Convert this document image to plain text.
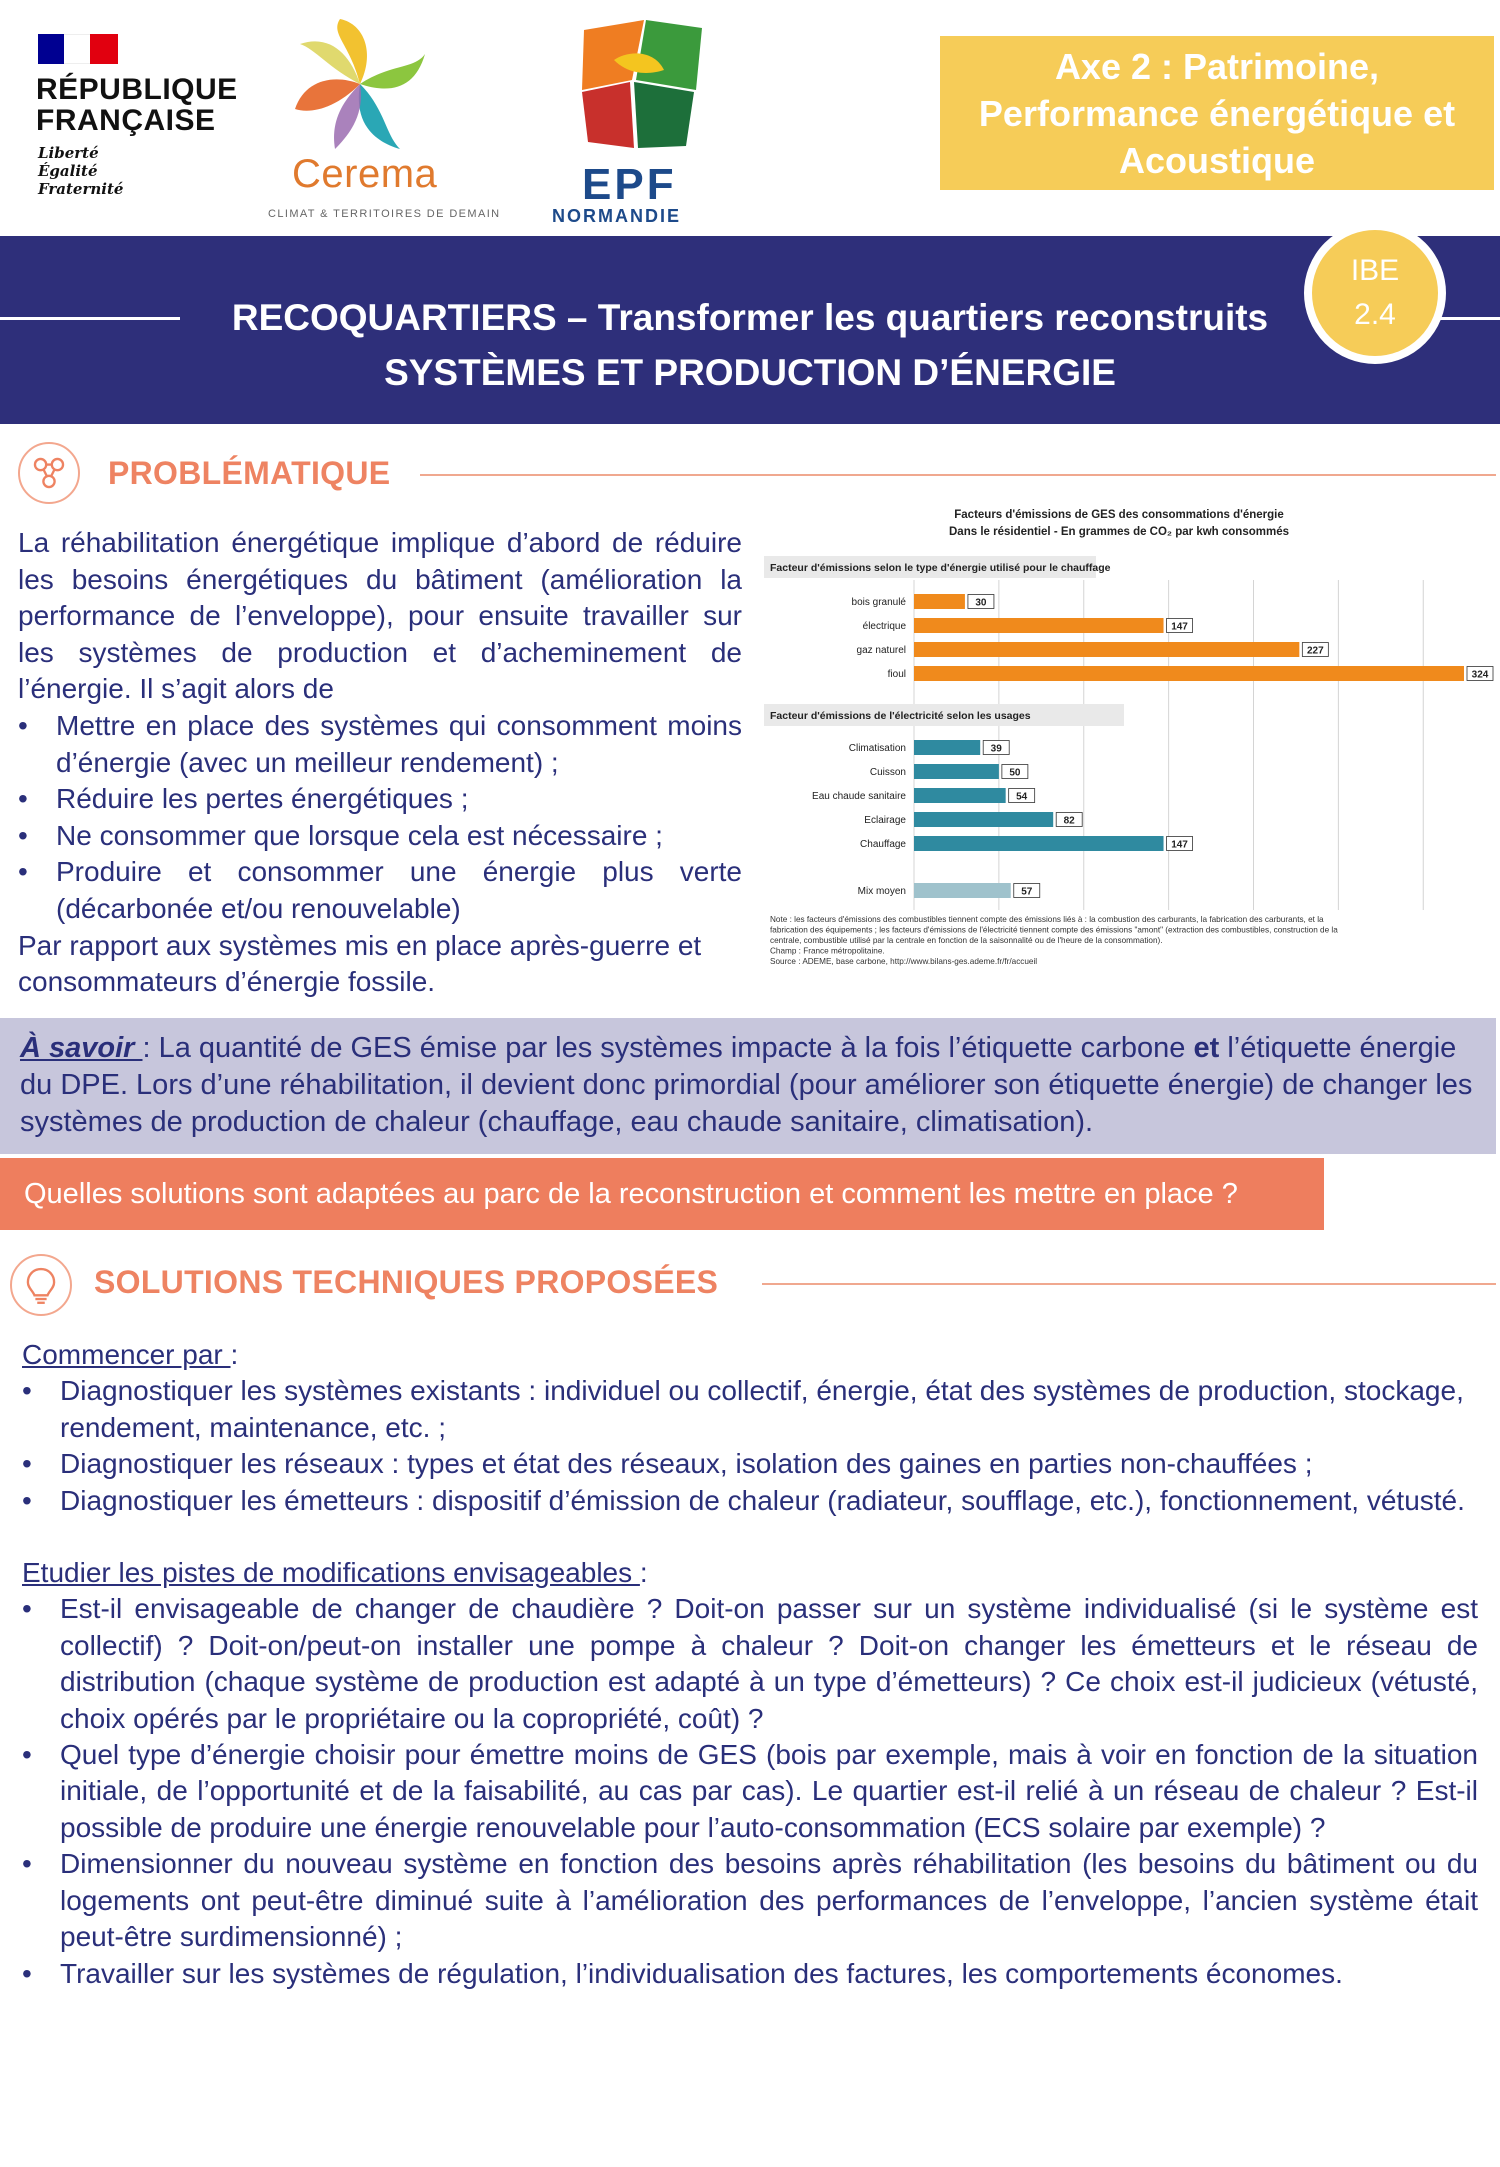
RÉPUBLIQUE
FRANÇAISE
Liberté
Égalité
Fraternité	Cerema
CLIMAT & TERRITOIRES DE DEMAIN
EPF
NORMANDIE
Axe 2 : Patrimoine,
Performance énergétique et
Acoustique
RECOQUARTIERS – Transformer les quartiers reconstruits
SYSTÈMES ET PRODUCTION D’ÉNERGIE
IBE
2.4
PROBLÉMATIQUE

La réhabilitation énergétique implique d’abord de réduire les besoins énergétiques du bâtiment (amélioration la performance de l’enveloppe), pour ensuite travailler sur les systèmes de production et d’acheminement de l’énergie. Il s’agit alors de

• Mettre en place des systèmes qui consomment moins d’énergie (avec un meilleur rendement) ;
• Réduire les pertes énergétiques ;
• Ne consommer que lorsque cela est nécessaire ;
• Produire et consommer une énergie plus verte (décarbonée et/ou renouvelable)

Par rapport aux systèmes mis en place après-guerre et consommateurs d’énergie fossile.

Facteurs d'émissions de GES des consommations d'énergie
Dans le résidentiel - En grammes de CO₂ par kwh consommés
Facteur d'émissions selon le type d'énergie utilisé pour le chauffage
bois granulé	30
électrique	147
gaz naturel	227
fioul	324
Facteur d'émissions de l'électricité selon les usages
Climatisation	39
Cuisson	50
Eau chaude sanitaire	54
Eclairage	82
Chauffage	147
Mix moyen	57
Note : les facteurs d'émissions des combustibles tiennent compte des émissions liés à : la combustion des carburants, la fabrication des carburants, et la
fabrication des équipements ; les facteurs d'émissions de l'électricité tiennent compte des émissions "amont" (extraction des combustibles, construction de la
centrale, combustible utilisé par la centrale en fonction de la saisonnalité ou de l'heure de la consommation).
Champ : France métropolitaine.
Source : ADEME, base carbone, http://www.bilans-ges.ademe.fr/fr/accueil
À savoir : La quantité de GES émise par les systèmes impacte à la fois l’étiquette carbone et l’étiquette énergie du DPE. Lors d’une réhabilitation, il devient donc primordial (pour améliorer son étiquette énergie) de changer les systèmes de production de chaleur (chauffage, eau chaude sanitaire, climatisation).
Quelles solutions sont adaptées au parc de la reconstruction et comment les mettre en place ?
SOLUTIONS TECHNIQUES PROPOSÉES

Commencer par :

• Diagnostiquer les systèmes existants : individuel ou collectif, énergie, état des systèmes de production, stockage, rendement, maintenance, etc. ;
• Diagnostiquer les réseaux : types et état des réseaux, isolation des gaines en parties non-chauffées ;
• Diagnostiquer les émetteurs : dispositif d’émission de chaleur (radiateur, soufflage, etc.), fonctionnement, vétusté.

Etudier les pistes de modifications envisageables :

• Est-il envisageable de changer de chaudière ? Doit-on passer sur un système individualisé (si le système est collectif) ? Doit-on/peut-on installer une pompe à chaleur ? Doit-on changer les émetteurs et le réseau de distribution (chaque système de production est adapté à un type d’émetteurs) ? Ce choix est-il judicieux (vétusté, choix opérés par le propriétaire ou la copropriété, coût) ?
• Quel type d’énergie choisir pour émettre moins de GES (bois par exemple, mais à voir en fonction de la situation initiale, de l’opportunité et de la faisabilité, au cas par cas). Le quartier est-il relié à un réseau de chaleur ? Est-il possible de produire une énergie renouvelable pour l’auto-consommation (ECS solaire par exemple) ?
• Dimensionner du nouveau système en fonction des besoins après réhabilitation (les besoins du bâtiment ou du logements ont peut-être diminué suite à l’amélioration des performances de l’enveloppe, l’ancien système était peut-être surdimensionné) ;
• Travailler sur les systèmes de régulation, l’individualisation des factures, les comportements économes.
